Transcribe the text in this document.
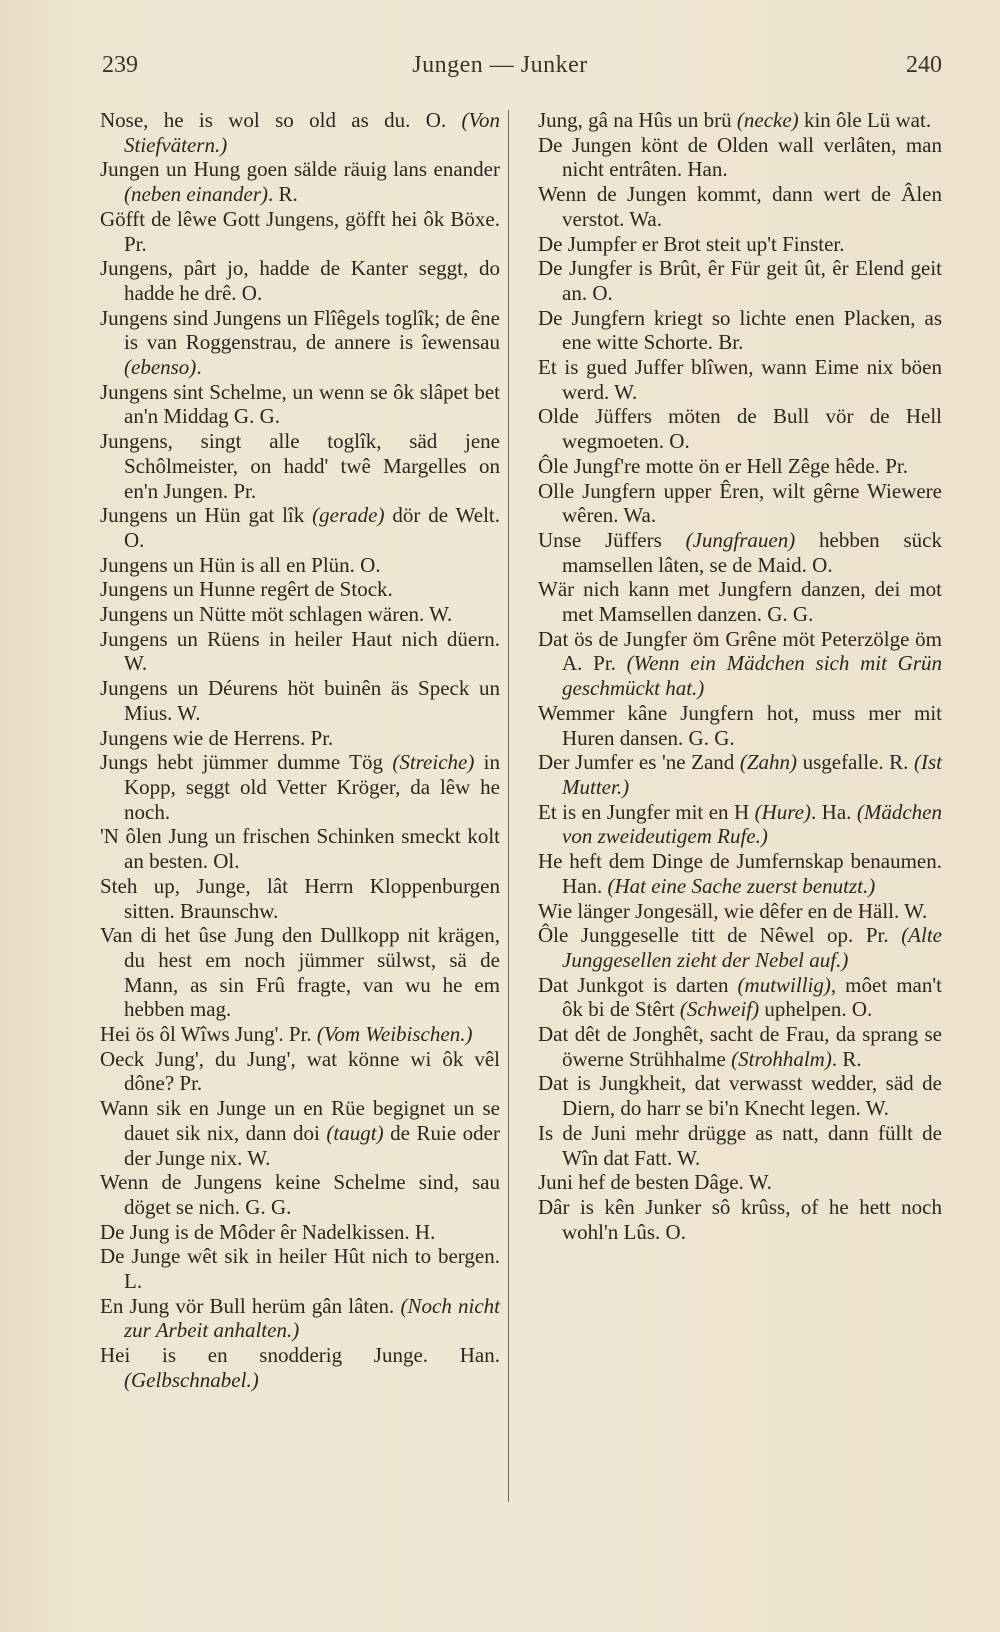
239	Jungen — Junker	240
Nose, he is wol so old as du. O. (Von Stiefvätern.)
Jungen un Hung goen sälde räuig lans enander (neben einander). R.
Göfft de lêwe Gott Jungens, göfft hei ôk Böxe. Pr.
Jungens, pârt jo, hadde de Kanter seggt, do hadde he drê. O.
Jungens sind Jungens un Flîêgels toglîk; de êne is van Roggenstrau, de annere is îewensau (ebenso).
Jungens sint Schelme, un wenn se ôk slâpet bet an'n Middag G. G.
Jungens, singt alle toglîk, säd jene Schôlmeister, on hadd' twê Margelles on en'n Jungen. Pr.
Jungens un Hün gat lîk (gerade) dör de Welt. O.
Jungens un Hün is all en Plün. O.
Jungens un Hunne regêrt de Stock.
Jungens un Nütte möt schlagen wären. W.
Jungens un Rüens in heiler Haut nich düern. W.
Jungens un Déurens höt buinên äs Speck un Mius. W.
Jungens wie de Herrens. Pr.
Jungs hebt jümmer dumme Tög (Streiche) in Kopp, seggt old Vetter Kröger, da lêw he noch.
'N ôlen Jung un frischen Schinken smeckt kolt an besten. Ol.
Steh up, Junge, lât Herrn Kloppenburgen sitten. Braunschw.
Van di het ûse Jung den Dullkopp nit krägen, du hest em noch jümmer sülwst, sä de Mann, as sin Frû fragte, van wu he em hebben mag.
Hei ös ôl Wîws Jung'. Pr. (Vom Weibischen.)
Oeck Jung', du Jung', wat könne wi ôk vêl dône? Pr.
Wann sik en Junge un en Rüe begignet un se dauet sik nix, dann doi (taugt) de Ruie oder der Junge nix. W.
Wenn de Jungens keine Schelme sind, sau döget se nich. G. G.
De Jung is de Môder êr Nadelkissen. H.
De Junge wêt sik in heiler Hût nich to bergen. L.
En Jung vör Bull herüm gân lâten. (Noch nicht zur Arbeit anhalten.)
Hei is en snodderig Junge. Han. (Gelbschnabel.)
Jung, gâ na Hûs un brü (necke) kin ôle Lü wat.
De Jungen könt de Olden wall verlâten, man nicht entrâten. Han.
Wenn de Jungen kommt, dann wert de Âlen verstot. Wa.
De Jumpfer er Brot steit up't Finster.
De Jungfer is Brût, êr Für geit ût, êr Elend geit an. O.
De Jungfern kriegt so lichte enen Placken, as ene witte Schorte. Br.
Et is gued Juffer blîwen, wann Eime nix böen werd. W.
Olde Jüffers möten de Bull vör de Hell wegmoeten. O.
Ôle Jungf're motte ön er Hell Zêge hêde. Pr.
Olle Jungfern upper Êren, wilt gêrne Wiewere wêren. Wa.
Unse Jüffers (Jungfrauen) hebben sück mamsellen lâten, se de Maid. O.
Wär nich kann met Jungfern danzen, dei mot met Mamsellen danzen. G. G.
Dat ös de Jungfer öm Grêne möt Peterzölge öm A. Pr. (Wenn ein Mädchen sich mit Grün geschmückt hat.)
Wemmer kâne Jungfern hot, muss mer mit Huren dansen. G. G.
Der Jumfer es 'ne Zand (Zahn) usgefalle. R. (Ist Mutter.)
Et is en Jungfer mit en H (Hure). Ha. (Mädchen von zweideutigem Rufe.)
He heft dem Dinge de Jumfernskap benaumen. Han. (Hat eine Sache zuerst benutzt.)
Wie länger Jongesäll, wie dêfer en de Häll. W.
Ôle Junggeselle titt de Nêwel op. Pr. (Alte Junggesellen zieht der Nebel auf.)
Dat Junkgot is darten (mutwillig), môet man't ôk bi de Stêrt (Schweif) uphelpen. O.
Dat dêt de Jonghêt, sacht de Frau, da sprang se öwerne Strühhalme (Strohhalm). R.
Dat is Jungkheit, dat verwasst wedder, säd de Diern, do harr se bi'n Knecht legen. W.
Is de Juni mehr drügge as natt, dann füllt de Wîn dat Fatt. W.
Juni hef de besten Dâge. W.
Dâr is kên Junker sô krûss, of he hett noch wohl'n Lûs. O.
